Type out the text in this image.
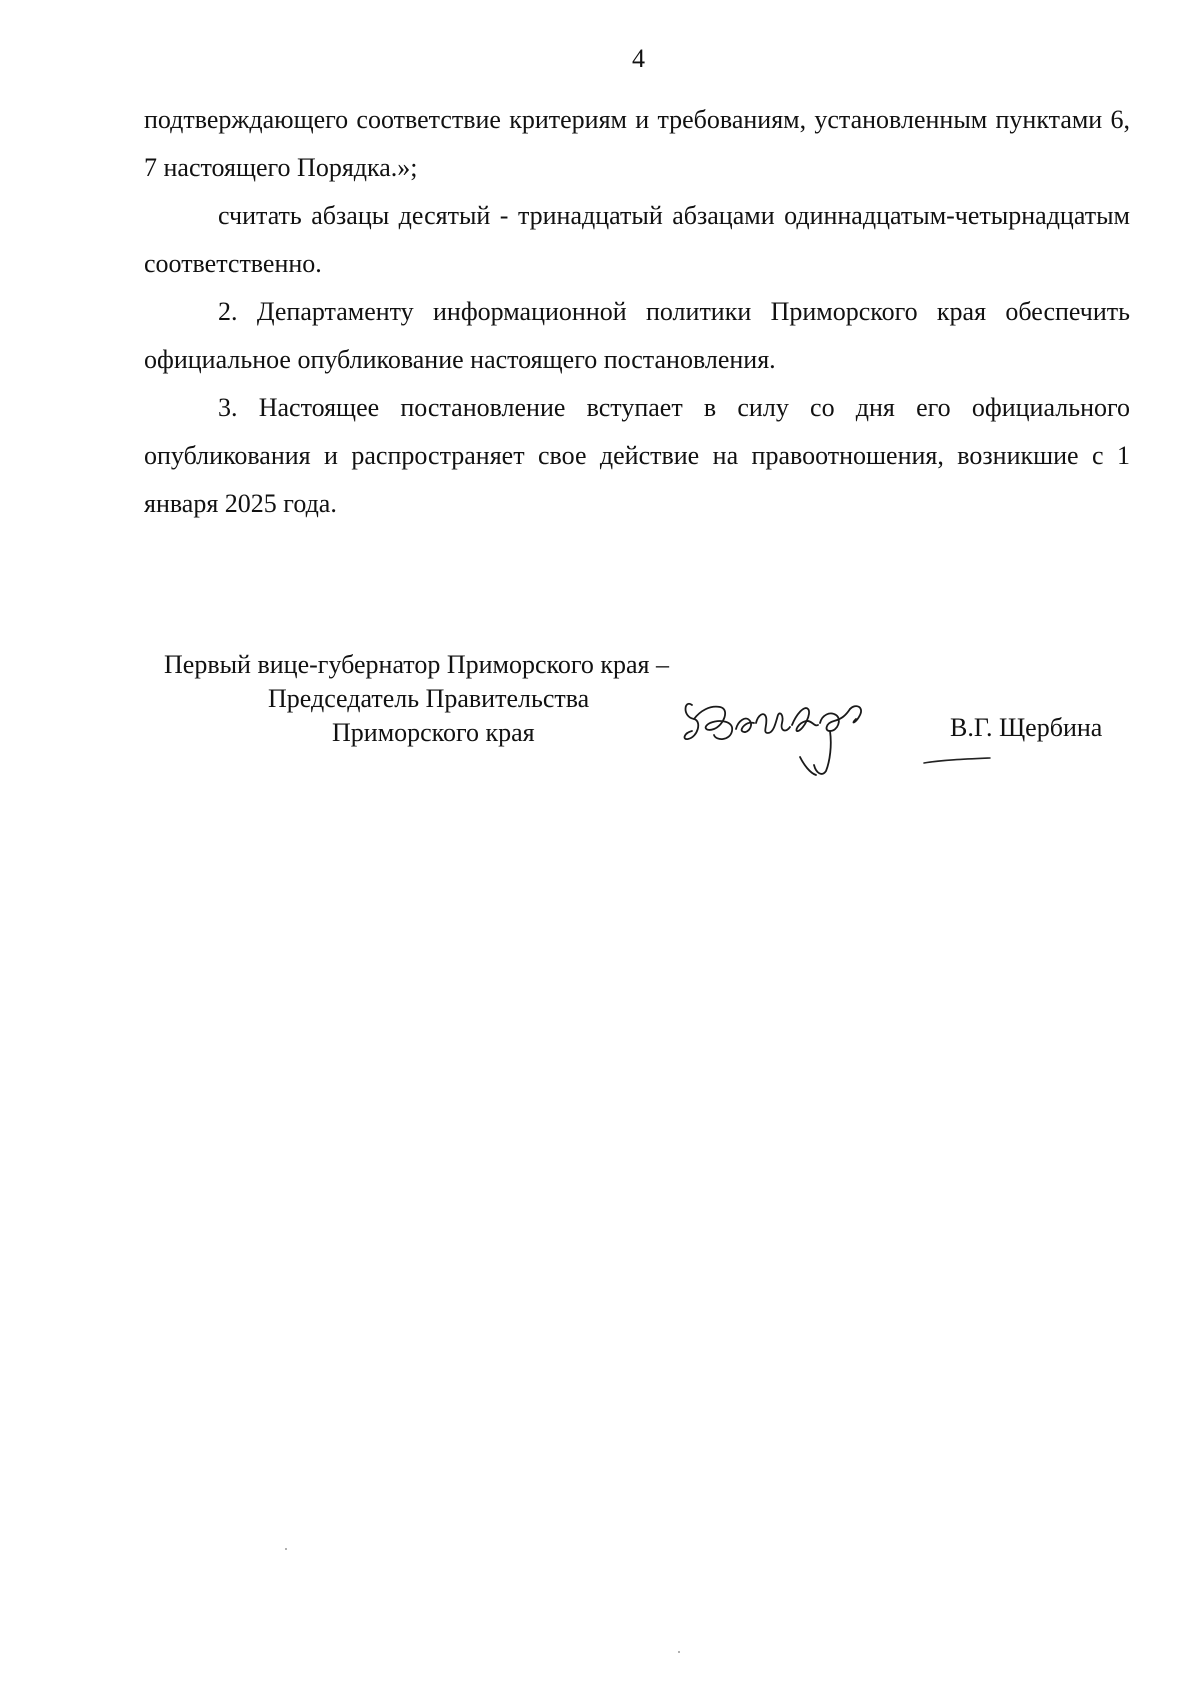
4

подтверждающего соответствие критериям и требованиям, установленным пунктами 6, 7 настоящего Порядка.»;

считать абзацы десятый - тринадцатый абзацами одиннадцатым-четырнадцатым соответственно.

2. Департаменту информационной политики Приморского края обеспечить официальное опубликование настоящего постановления.

3. Настоящее постановление вступает в силу со дня его официального опубликования и распространяет свое действие на правоотношения, возникшие с 1 января 2025 года.

Первый вице-губернатор Приморского края –
Председатель Правительства
Приморского края	В.Г. Щербина
